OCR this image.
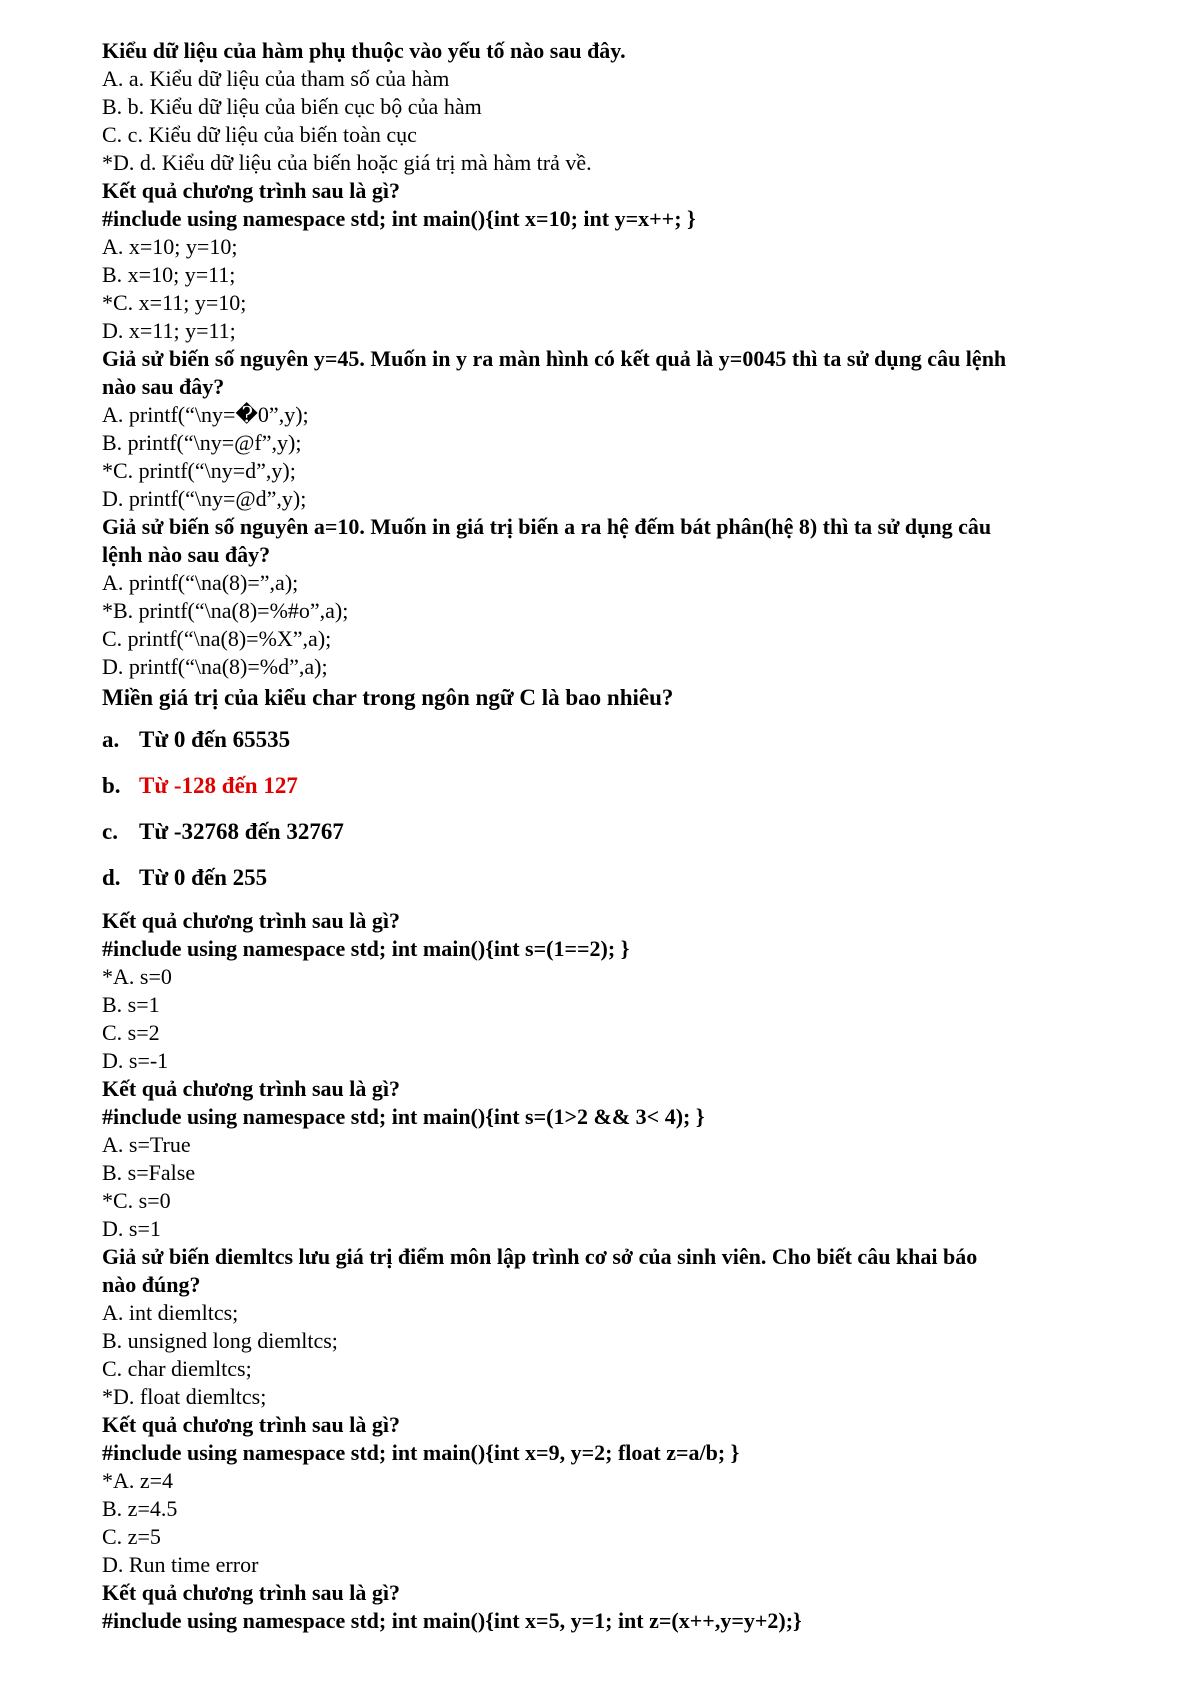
Kiểu dữ liệu của hàm phụ thuộc vào yếu tố nào sau đây.
A. a. Kiểu dữ liệu của tham số của hàm
B. b. Kiểu dữ liệu của biến cục bộ của hàm
C. c. Kiểu dữ liệu của biến toàn cục
*D. d. Kiểu dữ liệu của biến hoặc giá trị mà hàm trả về.
Kết quả chương trình sau là gì?
#include using namespace std; int main(){int x=10; int y=x++; }
A. x=10; y=10;
B. x=10; y=11;
*C. x=11; y=10;
D. x=11; y=11;
Giả sử biến số nguyên y=45. Muốn in y ra màn hình có kết quả là y=0045 thì ta sử dụng câu lệnh
nào sau đây?
A. printf(“\ny=�0”,y);
B. printf(“\ny=@f”,y);
*C. printf(“\ny=d”,y);
D. printf(“\ny=@d”,y);
Giả sử biến số nguyên a=10. Muốn in giá trị biến a ra hệ đếm bát phân(hệ 8) thì ta sử dụng câu
lệnh nào sau đây?
A. printf(“\na(8)=”,a);
*B. printf(“\na(8)=%#o”,a);
C. printf(“\na(8)=%X”,a);
D. printf(“\na(8)=%d”,a);
Miền giá trị của kiểu char trong ngôn ngữ C là bao nhiêu?
a. Từ 0 đến 65535
b. Từ -128 đến 127
c. Từ -32768 đến 32767
d. Từ 0 đến 255
Kết quả chương trình sau là gì?
#include using namespace std; int main(){int s=(1==2); }
*A. s=0
B. s=1
C. s=2
D. s=-1
Kết quả chương trình sau là gì?
#include using namespace std; int main(){int s=(1>2 && 3< 4); }
A. s=True
B. s=False
*C. s=0
D. s=1
Giả sử biến diemltcs lưu giá trị điểm môn lập trình cơ sở của sinh viên. Cho biết câu khai báo
nào đúng?
A. int diemltcs;
B. unsigned long diemltcs;
C. char diemltcs;
*D. float diemltcs;
Kết quả chương trình sau là gì?
#include using namespace std; int main(){int x=9, y=2; float z=a/b; }
*A. z=4
B. z=4.5
C. z=5
D. Run time error
Kết quả chương trình sau là gì?
#include using namespace std; int main(){int x=5, y=1; int z=(x++,y=y+2);}
